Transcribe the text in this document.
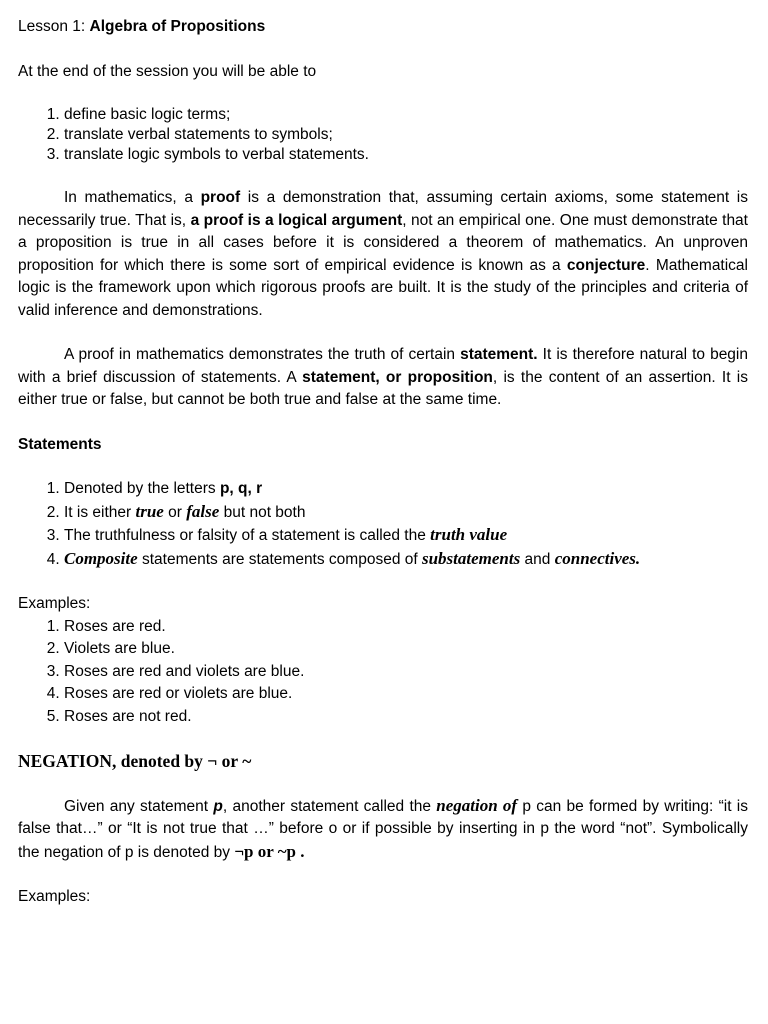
Lesson 1: Algebra of Propositions

At the end of the session you will be able to

1. define basic logic terms;
2. translate verbal statements to symbols;
3. translate logic symbols to verbal statements.

In mathematics, a proof is a demonstration that, assuming certain axioms, some statement is necessarily true. That is, a proof is a logical argument, not an empirical one. One must demonstrate that a proposition is true in all cases before it is considered a theorem of mathematics. An unproven proposition for which there is some sort of empirical evidence is known as a conjecture. Mathematical logic is the framework upon which rigorous proofs are built. It is the study of the principles and criteria of valid inference and demonstrations.

A proof in mathematics demonstrates the truth of certain statement. It is therefore natural to begin with a brief discussion of statements. A statement, or proposition, is the content of an assertion. It is either true or false, but cannot be both true and false at the same time.

Statements

1. Denoted by the letters p, q, r
2. It is either true or false but not both
3. The truthfulness or falsity of a statement is called the truth value
4. Composite statements are statements composed of substatements and connectives.

Examples:

1. Roses are red.
2. Violets are blue.
3. Roses are red and violets are blue.
4. Roses are red or violets are blue.
5. Roses are not red.

NEGATION, denoted by ¬ or ~

Given any statement p, another statement called the negation of p can be formed by writing: “it is false that…” or “It is not true that …” before o or if possible by inserting in p the word “not”. Symbolically the negation of p is denoted by ¬p or ~p .

Examples:
